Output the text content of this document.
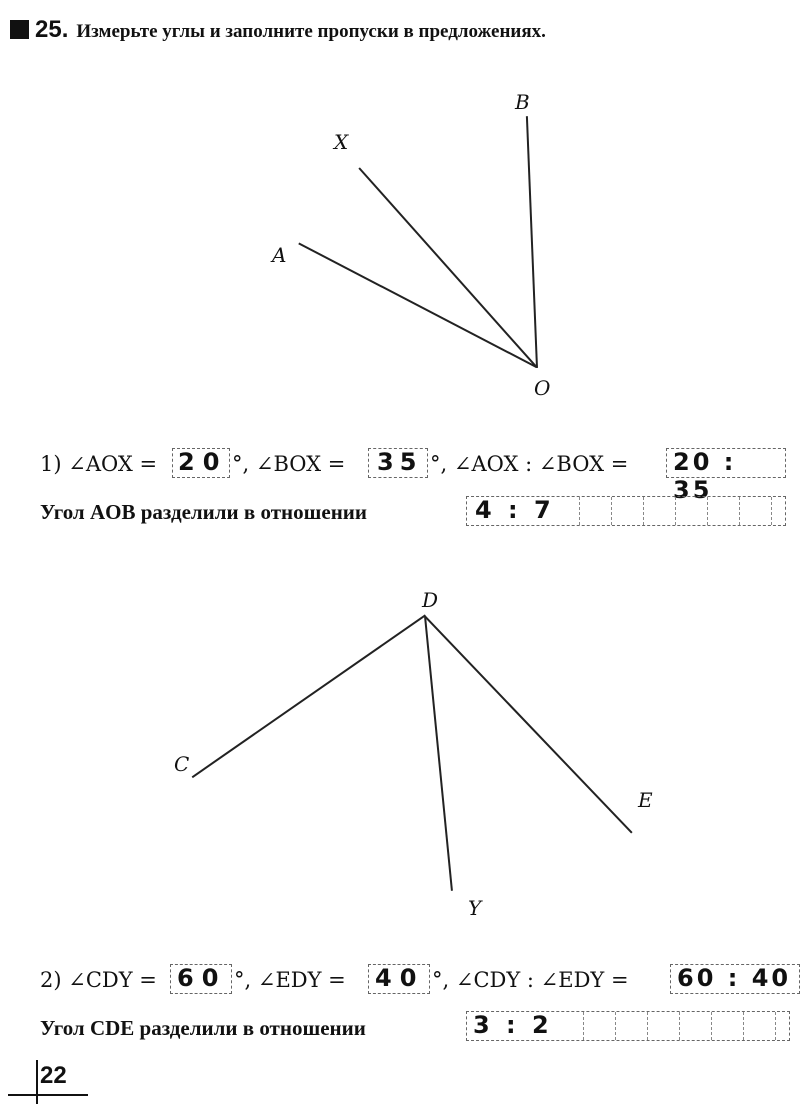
25. Измерьте углы и заполните пропуски в предложениях.
B
X
A
O
1) ∠AOX = 20 °, ∠BOX = 35 °, ∠AOX : ∠BOX = 20 : 35
Угол AOB разделили в отношении	4 : 7
D
C
E
Y
2) ∠CDY = 60 °, ∠EDY = 40 °, ∠CDY : ∠EDY = 60 : 40
Угол CDE разделили в отношении	3 : 2
22
